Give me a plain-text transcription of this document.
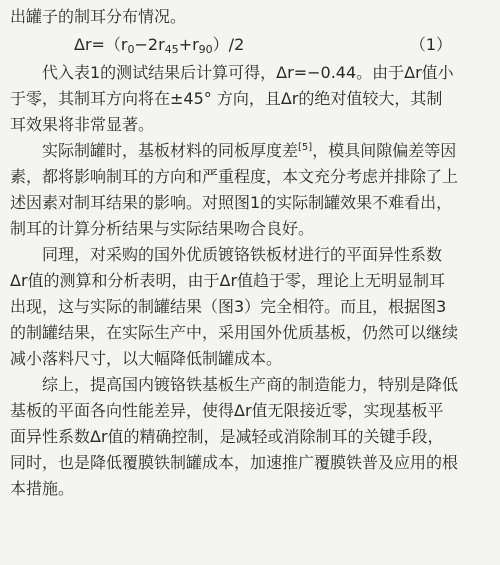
出罐子的制耳分布情况。
$\Delta r=(r_0-2r_{45}+r_{90})/2$	（1）
代入表1的测试结果后计算可得，Δr=−0.44。由于Δr值小
于零，其制耳方向将在±45° 方向，且Δr的绝对值较大，其制
耳效果将非常显著。
实际制罐时，基板材料的同板厚度差[5]，模具间隙偏差等因
素，都将影响制耳的方向和严重程度，本文充分考虑并排除了上
述因素对制耳结果的影响。对照图1的实际制罐效果不难看出，
制耳的计算分析结果与实际结果吻合良好。
同理，对采购的国外优质镀铬铁板材进行的平面异性系数
Δr值的测算和分析表明，由于Δr值趋于零，理论上无明显制耳
出现，这与实际的制罐结果（图3）完全相符。而且，根据图3
的制罐结果，在实际生产中，采用国外优质基板，仍然可以继续
减小落料尺寸，以大幅降低制罐成本。
综上，提高国内镀铬铁基板生产商的制造能力，特别是降低
基板的平面各向性能差异，使得Δr值无限接近零，实现基板平
面异性系数Δr值的精确控制，是减轻或消除制耳的关键手段，
同时，也是降低覆膜铁制罐成本，加速推广覆膜铁普及应用的根
本措施。
